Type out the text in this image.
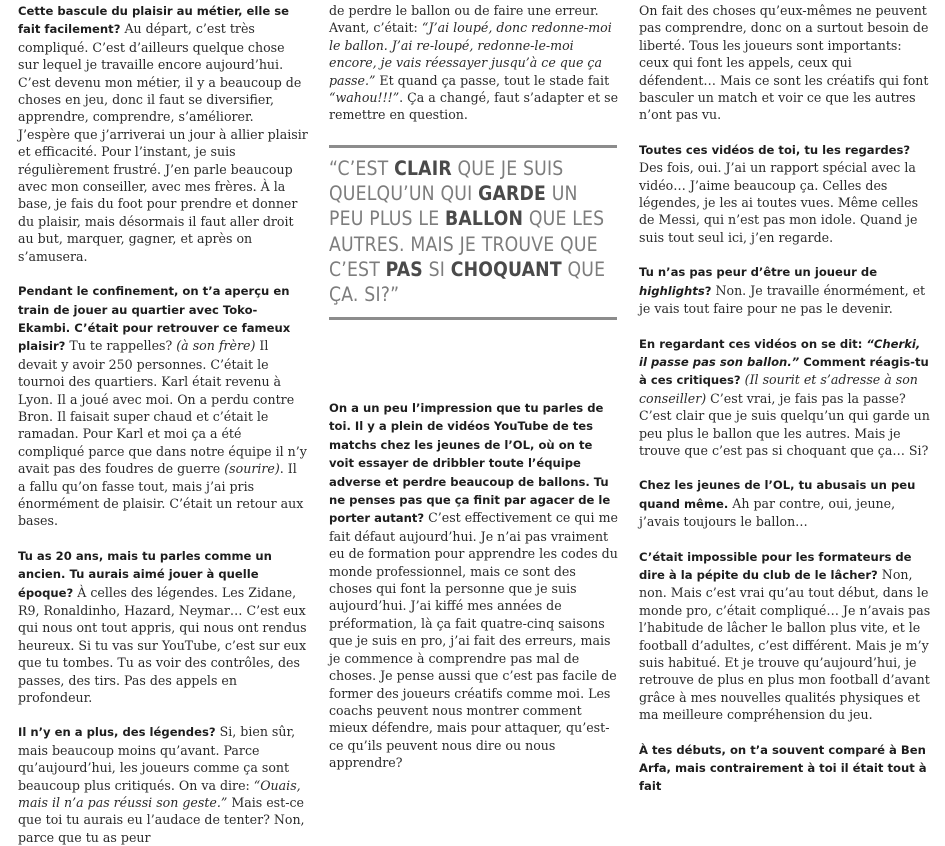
Cette bascule du plaisir au métier, elle se fait facilement? Au départ, c’est très compliqué. C’est d’ailleurs quelque chose sur lequel je travaille encore aujourd’hui. C’est devenu mon métier, il y a beaucoup de choses en jeu, donc il faut se diversifier, apprendre, comprendre, s’améliorer. J’espère que j’arriverai un jour à allier plaisir et efficacité. Pour l’instant, je suis régulièrement frustré. J’en parle beaucoup avec mon conseiller, avec mes frères. À la base, je fais du foot pour prendre et donner du plaisir, mais désormais il faut aller droit au but, marquer, gagner, et après on s’amusera.

Pendant le confinement, on t’a aperçu en train de jouer au quartier avec Toko-Ekambi. C’était pour retrouver ce fameux plaisir? Tu te rappelles? (à son frère) Il devait y avoir 250 personnes. C’était le tournoi des quartiers. Karl était revenu à Lyon. Il a joué avec moi. On a perdu contre Bron. Il faisait super chaud et c’était le ramadan. Pour Karl et moi ça a été compliqué parce que dans notre équipe il n’y avait pas des foudres de guerre (sourire). Il a fallu qu’on fasse tout, mais j’ai pris énormément de plaisir. C’était un retour aux bases.

Tu as 20 ans, mais tu parles comme un ancien. Tu aurais aimé jouer à quelle époque? À celles des légendes. Les Zidane, R9, Ronaldinho, Hazard, Neymar… C’est eux qui nous ont tout appris, qui nous ont rendus heureux. Si tu vas sur YouTube, c’est sur eux que tu tombes. Tu as voir des contrôles, des passes, des tirs. Pas des appels en profondeur.

Il n’y en a plus, des légendes? Si, bien sûr, mais beaucoup moins qu’avant. Parce qu’aujourd’hui, les joueurs comme ça sont beaucoup plus critiqués. On va dire: “Ouais, mais il n’a pas réussi son geste.” Mais est-ce que toi tu aurais eu l’audace de tenter? Non, parce que tu as peur

de perdre le ballon ou de faire une erreur. Avant, c’était: “J’ai loupé, donc redonne-moi le ballon. J’ai re-loupé, redonne-le-moi encore, je vais réessayer jusqu’à ce que ça passe.” Et quand ça passe, tout le stade fait “wahou!!!”. Ça a changé, faut s’adapter et se remettre en question.

On a un peu l’impression que tu parles de toi. Il y a plein de vidéos YouTube de tes matchs chez les jeunes de l’OL, où on te voit essayer de dribbler toute l’équipe adverse et perdre beaucoup de ballons. Tu ne penses pas que ça finit par agacer de le porter autant? C’est effectivement ce qui me fait défaut aujourd’hui. Je n’ai pas vraiment eu de formation pour apprendre les codes du monde professionnel, mais ce sont des choses qui font la personne que je suis aujourd’hui. J’ai kiffé mes années de préformation, là ça fait quatre-cinq saisons que je suis en pro, j’ai fait des erreurs, mais je commence à comprendre pas mal de choses. Je pense aussi que c’est pas facile de former des joueurs créatifs comme moi. Les coachs peuvent nous montrer comment mieux défendre, mais pour attaquer, qu’est-ce qu’ils peuvent nous dire ou nous apprendre?

“C’EST CLAIR QUE JE SUIS QUELQU’UN QUI GARDE UN PEU PLUS LE BALLON QUE LES AUTRES. MAIS JE TROUVE QUE C’EST PAS SI CHOQUANT QUE ÇA. SI?”

On fait des choses qu’eux-mêmes ne peuvent pas comprendre, donc on a surtout besoin de liberté. Tous les joueurs sont importants: ceux qui font les appels, ceux qui défendent… Mais ce sont les créatifs qui font basculer un match et voir ce que les autres n’ont pas vu.

Toutes ces vidéos de toi, tu les regardes? Des fois, oui. J’ai un rapport spécial avec la vidéo… J’aime beaucoup ça. Celles des légendes, je les ai toutes vues. Même celles de Messi, qui n’est pas mon idole. Quand je suis tout seul ici, j’en regarde.

Tu n’as pas peur d’être un joueur de highlights? Non. Je travaille énormément, et je vais tout faire pour ne pas le devenir.

En regardant ces vidéos on se dit: “Cherki, il passe pas son ballon.” Comment réagis-tu à ces critiques? (Il sourit et s’adresse à son conseiller) C’est vrai, je fais pas la passe? C’est clair que je suis quelqu’un qui garde un peu plus le ballon que les autres. Mais je trouve que c’est pas si choquant que ça… Si?

Chez les jeunes de l’OL, tu abusais un peu quand même. Ah par contre, oui, jeune, j’avais toujours le ballon…

C’était impossible pour les formateurs de dire à la pépite du club de le lâcher? Non, non. Mais c’est vrai qu’au tout début, dans le monde pro, c’était compliqué… Je n’avais pas l’habitude de lâcher le ballon plus vite, et le football d’adultes, c’est différent. Mais je m’y suis habitué. Et je trouve qu’aujourd’hui, je retrouve de plus en plus mon football d’avant grâce à mes nouvelles qualités physiques et ma meilleure compréhension du jeu.

À tes débuts, on t’a souvent comparé à Ben Arfa, mais contrairement à toi il était tout à fait
